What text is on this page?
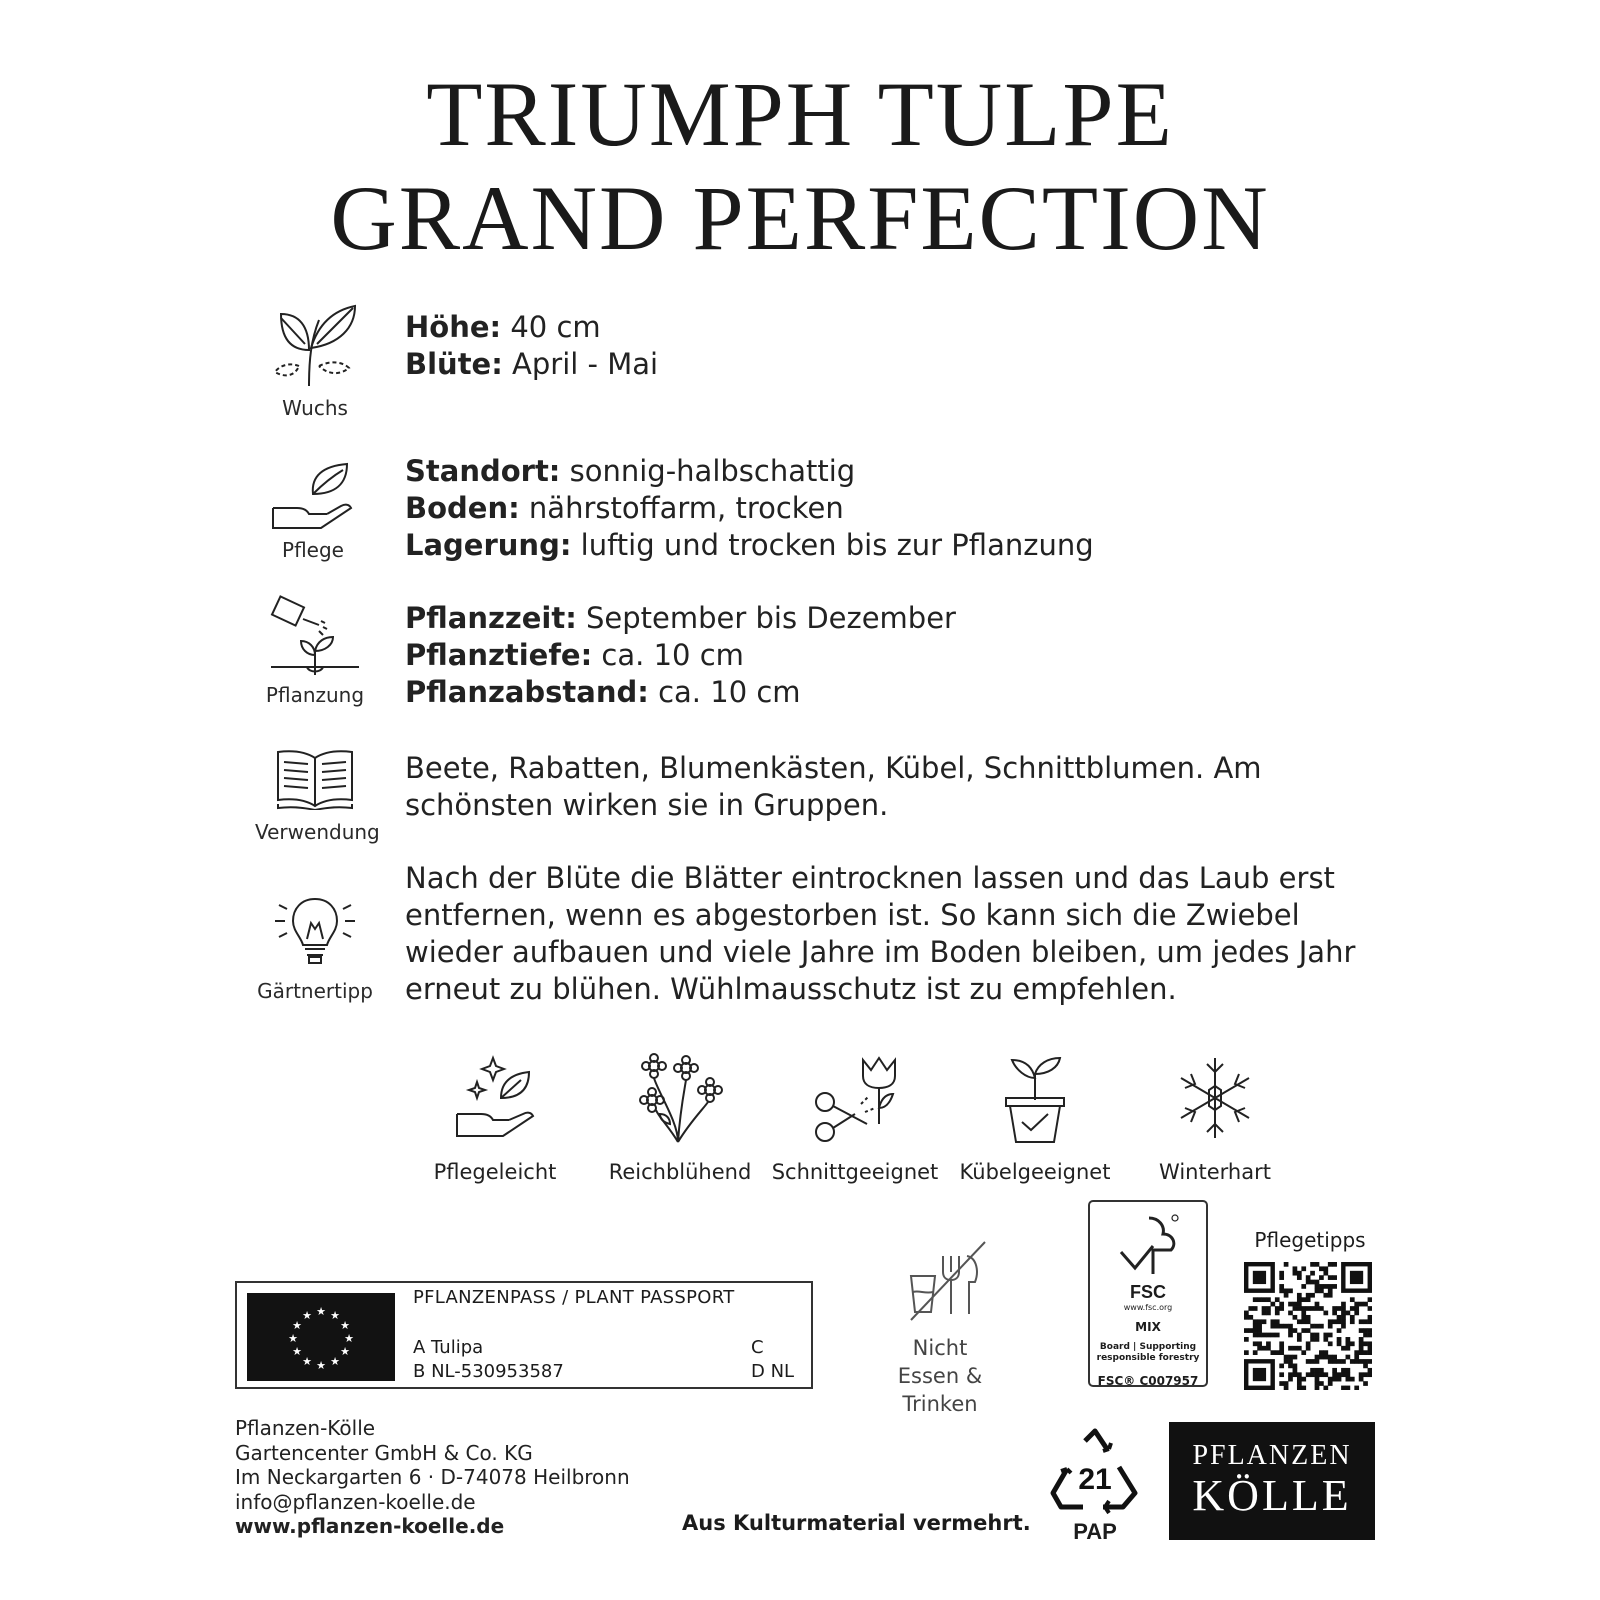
TRIUMPH TULPE
GRAND PERFECTION
Wuchs
Höhe: 40 cm
Blüte: April - Mai
Pflege
Standort: sonnig-halbschattig
Boden: nährstoffarm, trocken
Lagerung: luftig und trocken bis zur Pflanzung
Pflanzung
Pflanzzeit: September bis Dezember
Pflanztiefe: ca. 10 cm
Pflanzabstand: ca. 10 cm
Verwendung
Beete, Rabatten, Blumenkästen, Kübel, Schnittblumen. Am
schönsten wirken sie in Gruppen.
Gärtnertipp
Nach der Blüte die Blätter eintrocknen lassen und das Laub erst
entfernen, wenn es abgestorben ist. So kann sich die Zwiebel
wieder aufbauen und viele Jahre im Boden bleiben, um jedes Jahr
erneut zu blühen. Wühlmausschutz ist zu empfehlen.
Pflegeleicht	Reichblühend Schnittgeeignet	Kübelgeeignet	Winterhart
★ ★
★
★
★
★
★
★
★
★
★
★
PFLANZENPASS / PLANT PASSPORT
A Tulipa
B NL-530953587
C
D NL
Nicht
Essen & Trinken
FSC
www.fsc.org
MIX
Board | Supporting
responsible forestry
FSC® C007957
Pflegetipps
Pflanzen-Kölle
Gartencenter GmbH & Co. KG
Im Neckargarten 6 · D-74078 Heilbronn
info@pflanzen-koelle.de
www.pflanzen-koelle.de	Aus Kulturmaterial vermehrt.
21
PAP
PFLANZEN
KÖLLE
